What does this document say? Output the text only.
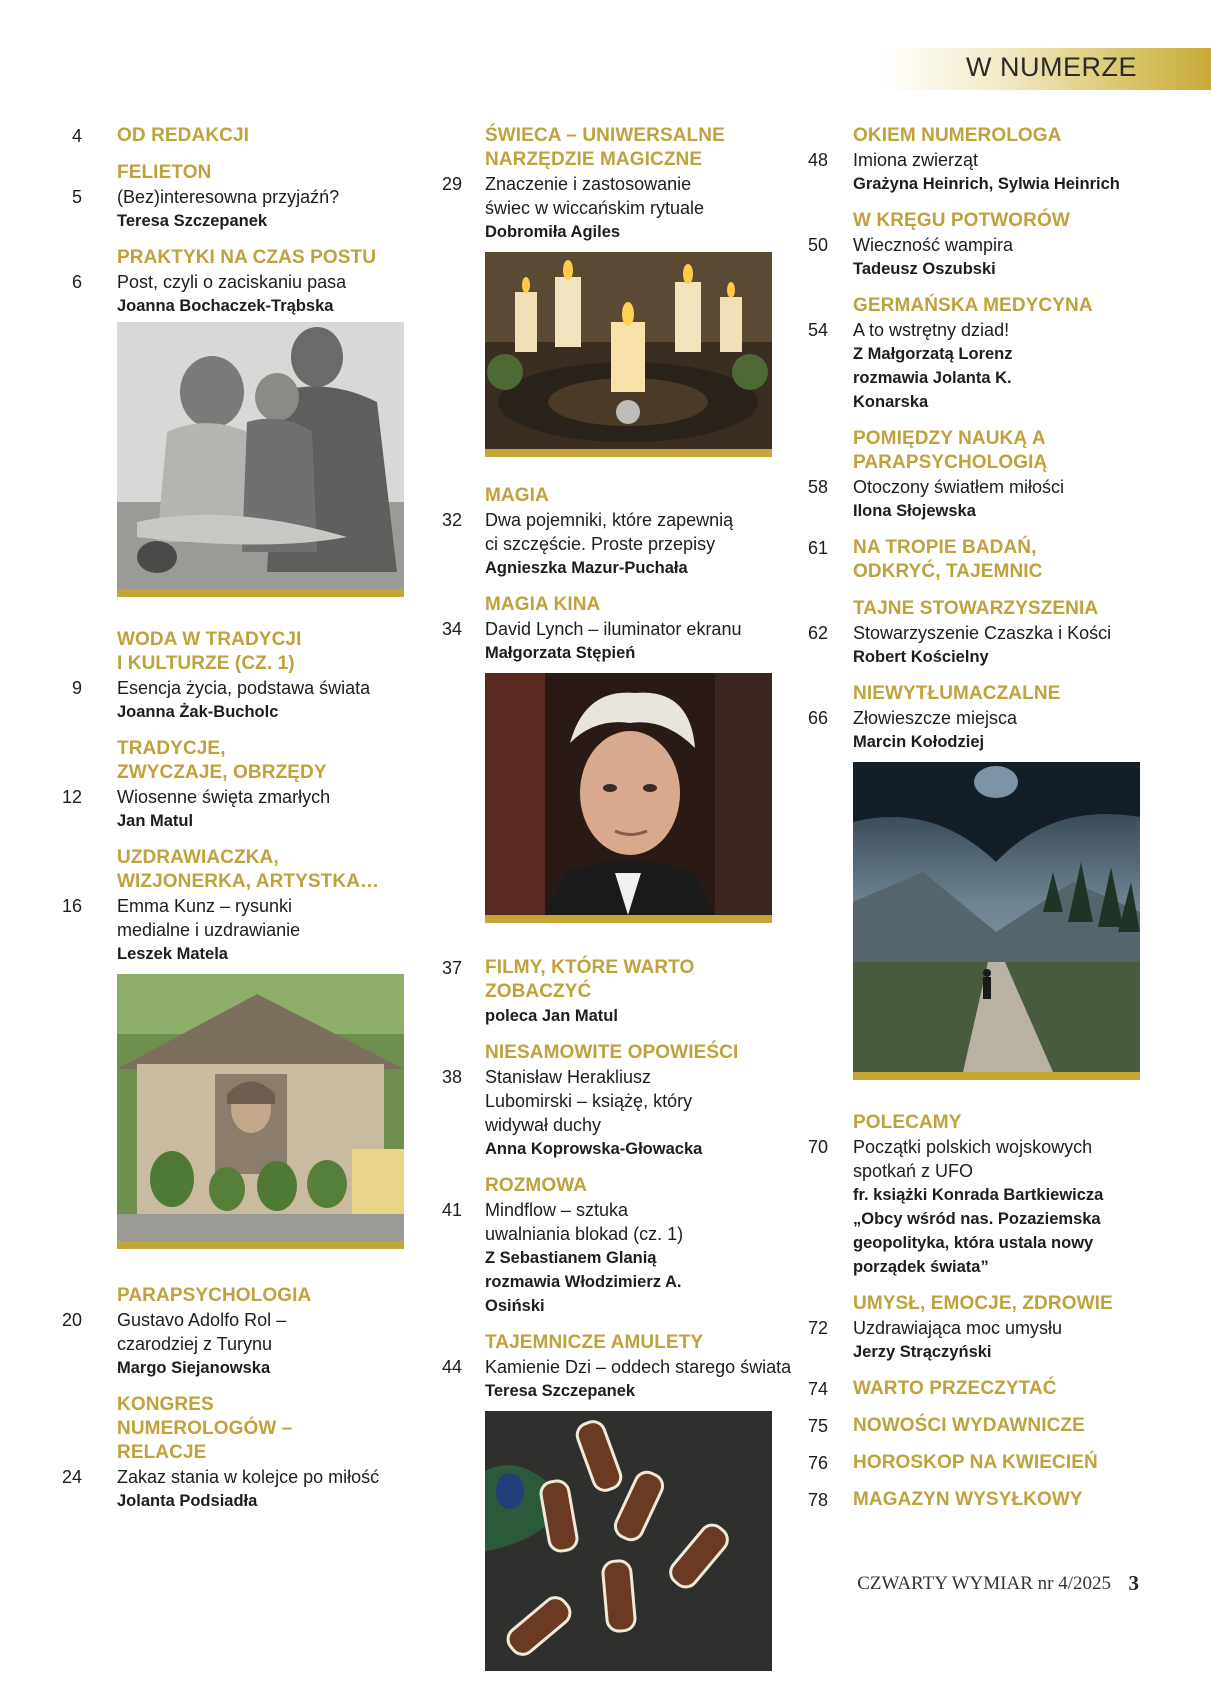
W NUMERZE
4 OD REDAKCJI
FELIETON
5 (Bez)interesowna przyjaźń?
Teresa Szczepanek
PRAKTYKI NA CZAS POSTU
6 Post, czyli o zaciskaniu pasa
Joanna Bochaczek-Trąbska
WODA W TRADYCJI I KULTURZE (CZ. 1)
9 Esencja życia, podstawa świata
Joanna Żak-Bucholc
TRADYCJE, ZWYCZAJE, OBRZĘDY
12 Wiosenne święta zmarłych
Jan Matul
UZDRAWIACZKA, WIZJONERKA, ARTYSTKA…
16 Emma Kunz – rysunki medialne i uzdrawianie
Leszek Matela
PARAPSYCHOLOGIA
20 Gustavo Adolfo Rol – czarodziej z Turynu
Margo Siejanowska
KONGRES NUMEROLOGÓW – RELACJE
24 Zakaz stania w kolejce po miłość
Jolanta Podsiadła
ŚWIECA – UNIWERSALNE NARZĘDZIE MAGICZNE
29 Znaczenie i zastosowanie świec w wiccańskim rytuale
Dobromiła Agiles
MAGIA
32 Dwa pojemniki, które zapewnią ci szczęście. Proste przepisy
Agnieszka Mazur-Puchała
MAGIA KINA
34 David Lynch – iluminator ekranu
Małgorzata Stępień
37 FILMY, KTÓRE WARTO ZOBACZYĆ
poleca Jan Matul
NIESAMOWITE OPOWIEŚCI
38 Stanisław Herakliusz Lubomirski – książę, który widywał duchy
Anna Koprowska-Głowacka
ROZMOWA
41 Mindflow – sztuka uwalniania blokad (cz. 1)
Z Sebastianem Glanią rozmawia Włodzimierz A. Osiński
TAJEMNICZE AMULETY
44 Kamienie Dzi – oddech starego świata
Teresa Szczepanek
OKIEM NUMEROLOGA
48 Imiona zwierząt
Grażyna Heinrich, Sylwia Heinrich
W KRĘGU POTWORÓW
50 Wieczność wampira
Tadeusz Oszubski
GERMAŃSKA MEDYCYNA
54 A to wstrętny dziad!
Z Małgorzatą Lorenz rozmawia Jolanta K. Konarska
POMIĘDZY NAUKĄ A PARAPSYCHOLOGIĄ
58 Otoczony światłem miłości
Ilona Słojewska
61 NA TROPIE BADAŃ, ODKRYĆ, TAJEMNIC
TAJNE STOWARZYSZENIA
62 Stowarzyszenie Czaszka i Kości
Robert Kościelny
NIEWYTŁUMACZALNE
66 Złowieszcze miejsca
Marcin Kołodziej
POLECAMY
70 Początki polskich wojskowych spotkań z UFO
fr. książki Konrada Bartkiewicza „Obcy wśród nas. Pozaziemska geopolityka, która ustala nowy porządek świata”
UMYSŁ, EMOCJE, ZDROWIE
72 Uzdrawiająca moc umysłu
Jerzy Strączyński
74 WARTO PRZECZYTAĆ
75 NOWOŚCI WYDAWNICZE
76 HOROSKOP NA KWIECIEŃ
78 MAGAZYN WYSYŁKOWY
CZWARTY WYMIAR nr 4/2025 3
